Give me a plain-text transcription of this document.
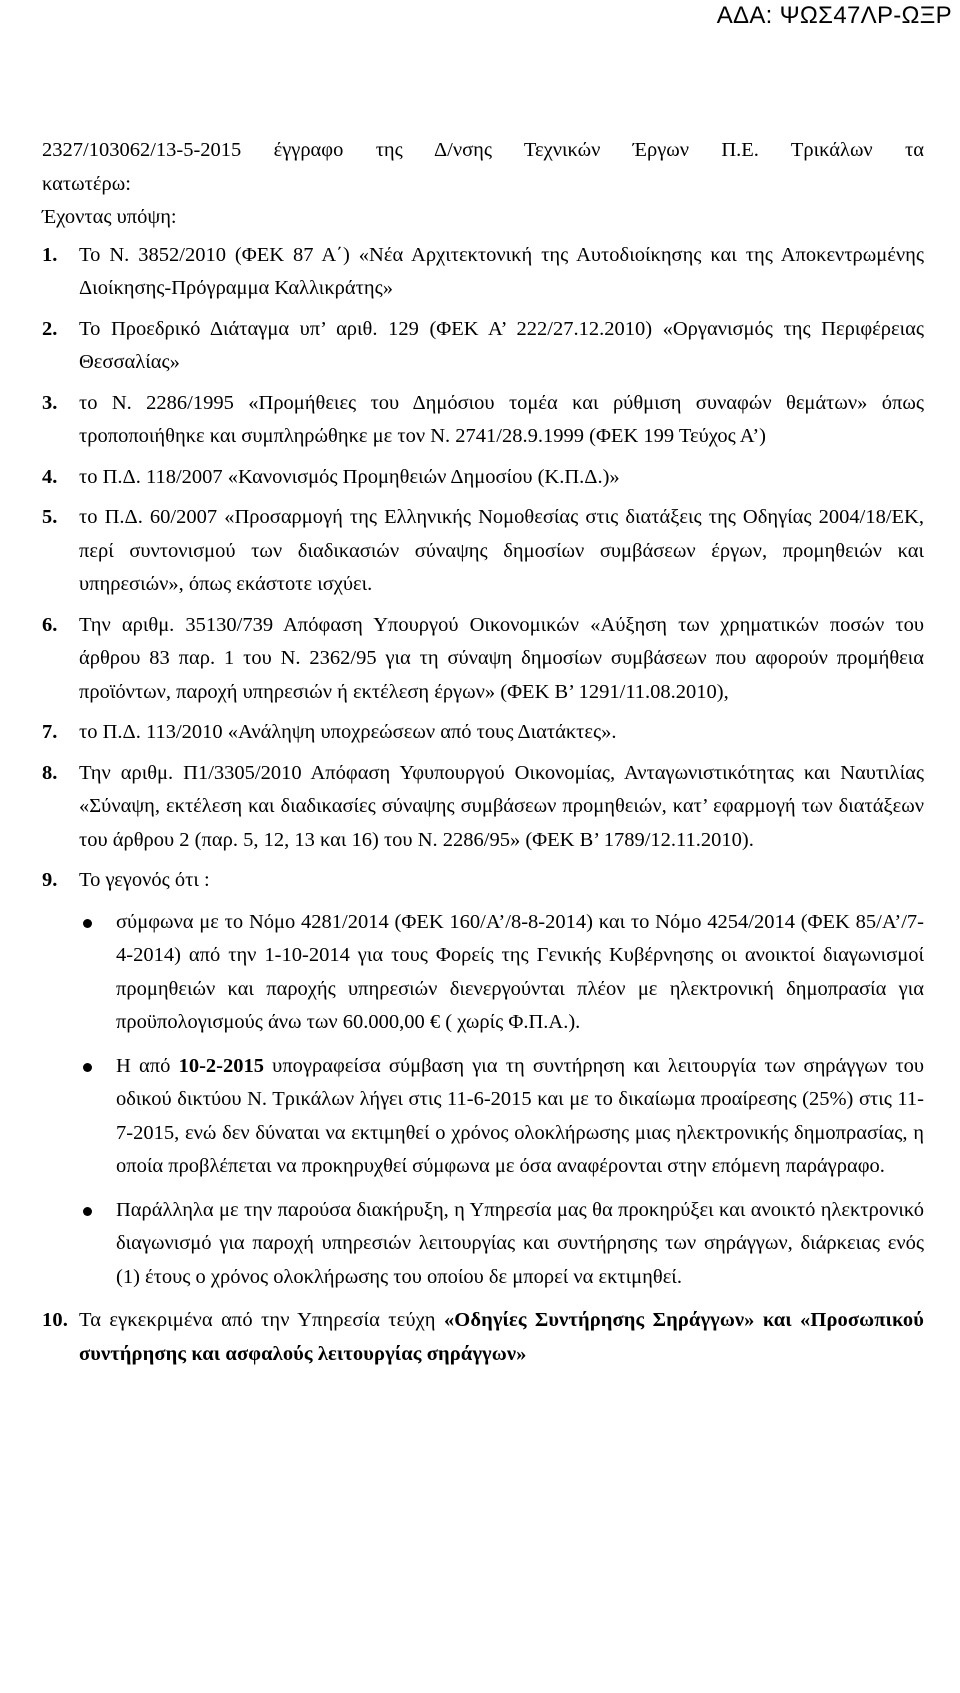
ΑΔΑ: ΨΩΣ47ΛΡ-ΩΞΡ
2327/103062/13-5-2015 έγγραφο της Δ/νσης Τεχνικών Έργων Π.Ε. Τρικάλων τα

κατωτέρω:

Έχοντας υπόψη:

1. Το Ν. 3852/2010 (ΦΕΚ 87 Α΄) «Νέα Αρχιτεκτονική της Αυτοδιοίκησης και της Αποκεντρωμένης Διοίκησης-Πρόγραμμα Καλλικράτης»
2. Το Προεδρικό Διάταγμα υπ’ αριθ. 129 (ΦΕΚ Α’ 222/27.12.2010) «Οργανισμός της Περιφέρειας Θεσσαλίας»
3. το Ν. 2286/1995 «Προμήθειες του Δημόσιου τομέα και ρύθμιση συναφών θεμάτων» όπως τροποποιήθηκε και συμπληρώθηκε με τον Ν. 2741/28.9.1999 (ΦΕΚ 199 Τεύχος Α’)
4. το Π.Δ. 118/2007 «Κανονισμός Προμηθειών Δημοσίου (Κ.Π.Δ.)»
5. το Π.Δ. 60/2007 «Προσαρμογή της Ελληνικής Νομοθεσίας στις διατάξεις της Οδηγίας 2004/18/ΕΚ, περί συντονισμού των διαδικασιών σύναψης δημοσίων συμβάσεων έργων, προμηθειών και υπηρεσιών», όπως εκάστοτε ισχύει.
6. Την αριθμ. 35130/739 Απόφαση Υπουργού Οικονομικών «Αύξηση των χρηματικών ποσών του άρθρου 83 παρ. 1 του Ν. 2362/95 για τη σύναψη δημοσίων συμβάσεων που αφορούν προμήθεια προϊόντων, παροχή υπηρεσιών ή εκτέλεση έργων» (ΦΕΚ Β’ 1291/11.08.2010),
7. το Π.Δ. 113/2010 «Ανάληψη υποχρεώσεων από τους Διατάκτες».
8. Την αριθμ. Π1/3305/2010 Απόφαση Υφυπουργού Οικονομίας, Ανταγωνιστικότητας και Ναυτιλίας «Σύναψη, εκτέλεση και διαδικασίες σύναψης συμβάσεων προμηθειών, κατ’ εφαρμογή των διατάξεων του άρθρου 2 (παρ. 5, 12, 13 και 16) του Ν. 2286/95» (ΦΕΚ Β’ 1789/12.11.2010).
9. Το γεγονός ότι :
σύμφωνα με το Νόμο 4281/2014 (ΦΕΚ 160/Α’/8-8-2014) και το Νόμο 4254/2014 (ΦΕΚ 85/Α’/7-4-2014) από την 1-10-2014 για τους Φορείς της Γενικής Κυβέρνησης οι ανοικτοί διαγωνισμοί προμηθειών και παροχής υπηρεσιών διενεργούνται πλέον με ηλεκτρονική δημοπρασία για προϋπολογισμούς άνω των 60.000,00 € ( χωρίς Φ.Π.Α.).
Η από 10-2-2015 υπογραφείσα σύμβαση για τη συντήρηση και λειτουργία των σηράγγων του οδικού δικτύου Ν. Τρικάλων λήγει στις 11-6-2015 και με το δικαίωμα προαίρεσης (25%) στις 11-7-2015, ενώ δεν δύναται να εκτιμηθεί ο χρόνος ολοκλήρωσης μιας ηλεκτρονικής δημοπρασίας, η οποία προβλέπεται να προκηρυχθεί σύμφωνα με όσα αναφέρονται στην επόμενη παράγραφο.
Παράλληλα με την παρούσα διακήρυξη, η Υπηρεσία μας θα προκηρύξει και ανοικτό ηλεκτρονικό διαγωνισμό για παροχή υπηρεσιών λειτουργίας και συντήρησης των σηράγγων, διάρκειας ενός (1) έτους ο χρόνος ολοκλήρωσης του οποίου δε μπορεί να εκτιμηθεί.
10. Τα εγκεκριμένα από την Υπηρεσία τεύχη «Οδηγίες Συντήρησης Σηράγγων» και «Προσωπικού συντήρησης και ασφαλούς λειτουργίας σηράγγων»
